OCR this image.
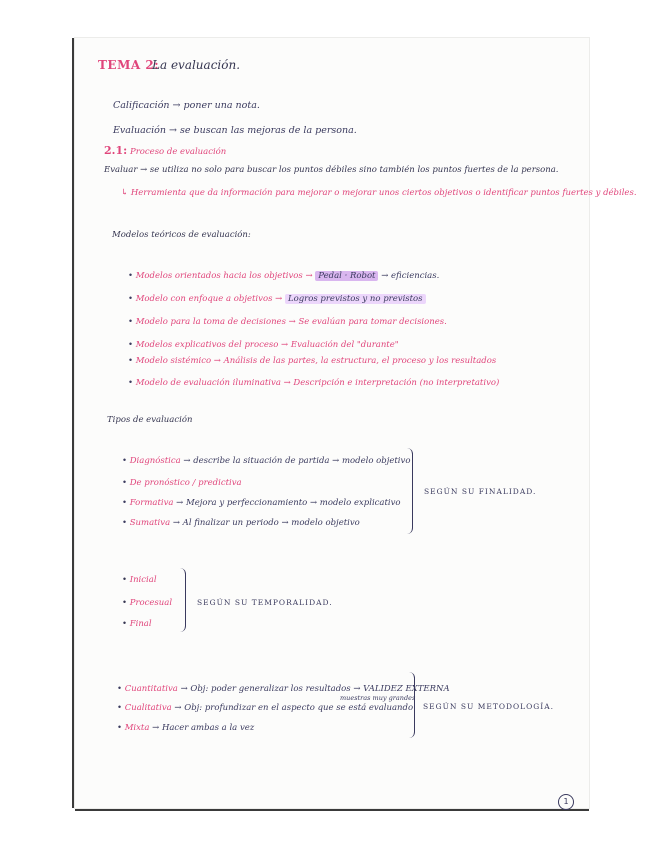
TEMA 2:
La evaluación.
Calificación → poner una nota.
Evaluación → se buscan las mejoras de la persona.
2.1: Proceso de evaluación
Evaluar → se utiliza no solo para buscar los puntos débiles sino también los puntos fuertes de la persona.
↳ Herramienta que da información para mejorar o mejorar unos ciertos objetivos o identificar puntos fuertes y débiles.
Modelos teóricos de evaluación:
• Modelos orientados hacia los objetivos → Pedal · Robot → eficiencias.
• Modelo con enfoque a objetivos → Logros previstos y no previstos
• Modelo para la toma de decisiones → Se evalúan para tomar decisiones.
• Modelos explicativos del proceso → Evaluación del "durante"
• Modelo sistémico → Análisis de las partes, la estructura, el proceso y los resultados
• Modelo de evaluación iluminativa → Descripción e interpretación (no interpretativo)
Tipos de evaluación
• Diagnóstica → describe la situación de partida → modelo objetivo
• De pronóstico / predictiva
• Formativa → Mejora y perfeccionamiento → modelo explicativo
• Sumativa → Al finalizar un periodo → modelo objetivo
SEGÚN SU FINALIDAD.
• Inicial
• Procesual
• Final
SEGÚN SU TEMPORALIDAD.
• Cuantitativa → Obj: poder generalizar los resultados → VALIDEZ EXTERNA
muestras muy grandes
• Cualitativa → Obj: profundizar en el aspecto que se está evaluando
• Mixta → Hacer ambas a la vez
SEGÚN SU METODOLOGÍA.
1
